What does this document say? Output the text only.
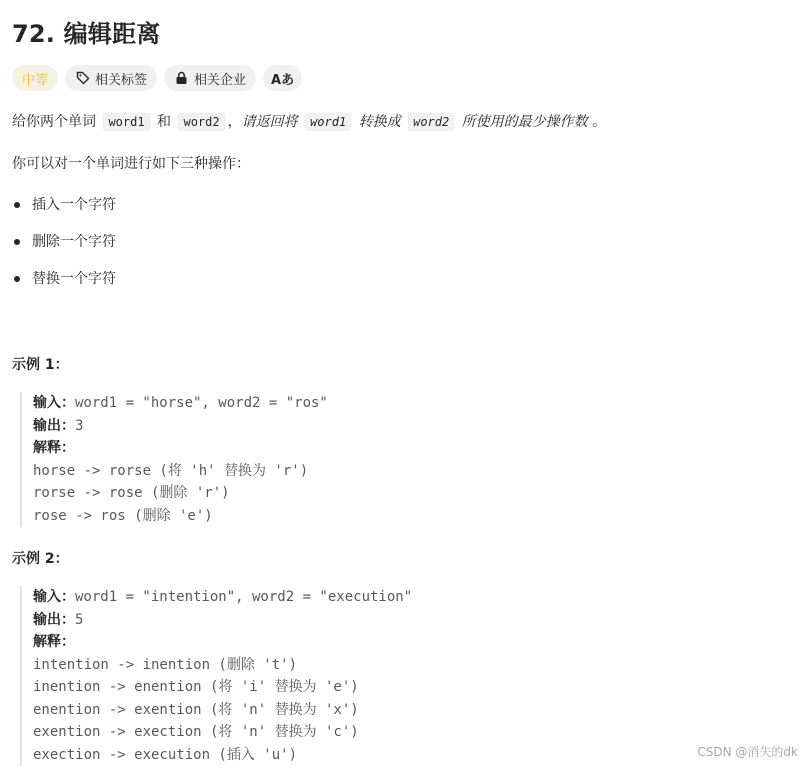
72. 编辑距离
中等	相关标签	相关企业 Aあ
给你两个单词 word1 和 word2 ，请返回将 word1 转换成 word2 所使用的最少操作数 。
你可以对一个单词进行如下三种操作：
插入一个字符
删除一个字符
替换一个字符
示例 1：
输入：word1 = "horse", word2 = "ros"
输出：3
解释：
horse -> rorse (将 'h' 替换为 'r')
rorse -> rose (删除 'r')
rose -> ros (删除 'e')
示例 2：
输入：word1 = "intention", word2 = "execution"
输出：5
解释：
intention -> inention (删除 't')
inention -> enention (将 'i' 替换为 'e')
enention -> exention (将 'n' 替换为 'x')
exention -> exection (将 'n' 替换为 'c')
exection -> execution (插入 'u')	CSDN @消失的dk
